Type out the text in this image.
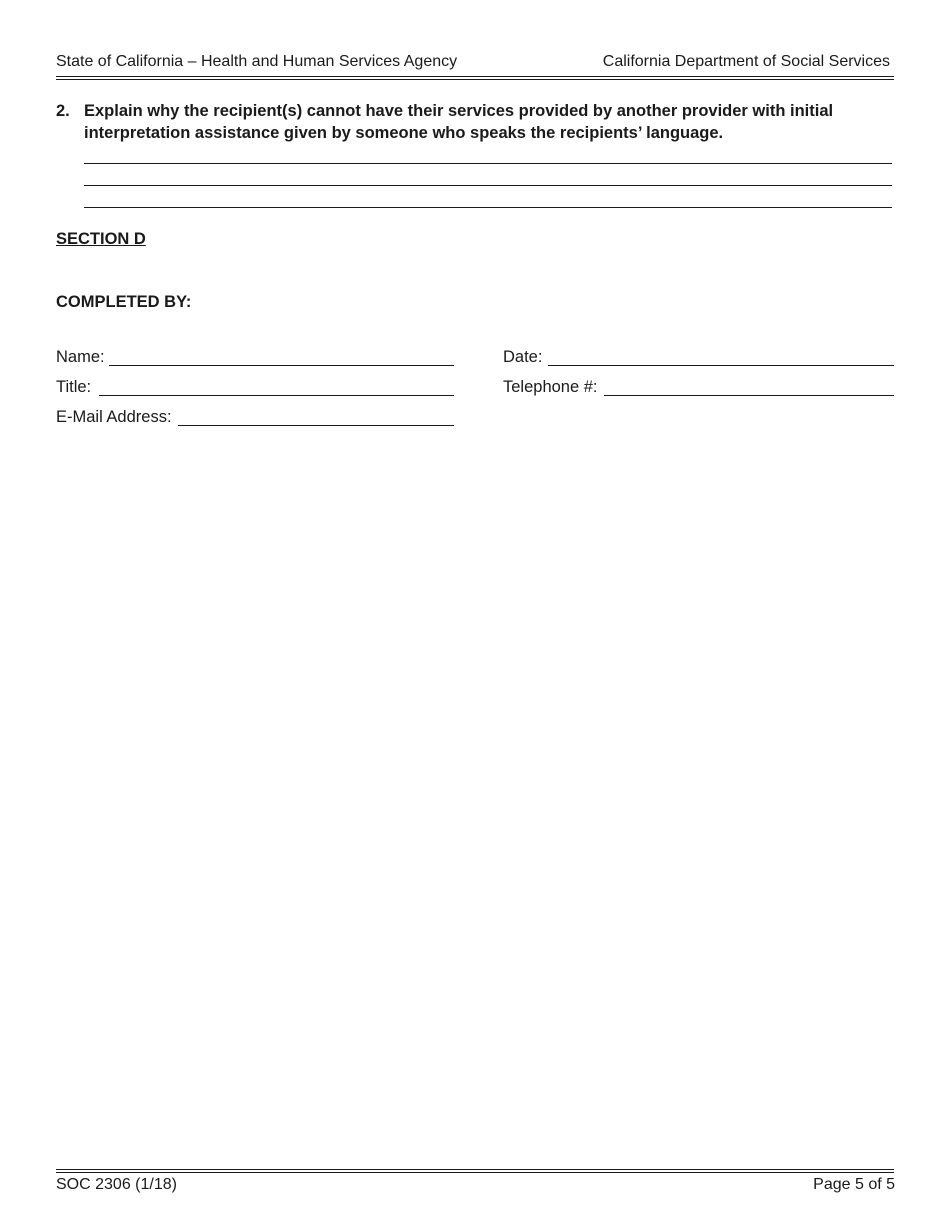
State of California – Health and Human Services Agency	California Department of Social Services
2. Explain why the recipient(s) cannot have their services provided by another provider with initial interpretation assistance given by someone who speaks the recipients’ language.
SECTION D
COMPLETED BY:
Name:
Title:
E-Mail Address:
Date:
Telephone #:
SOC 2306 (1/18)	Page 5 of 5
